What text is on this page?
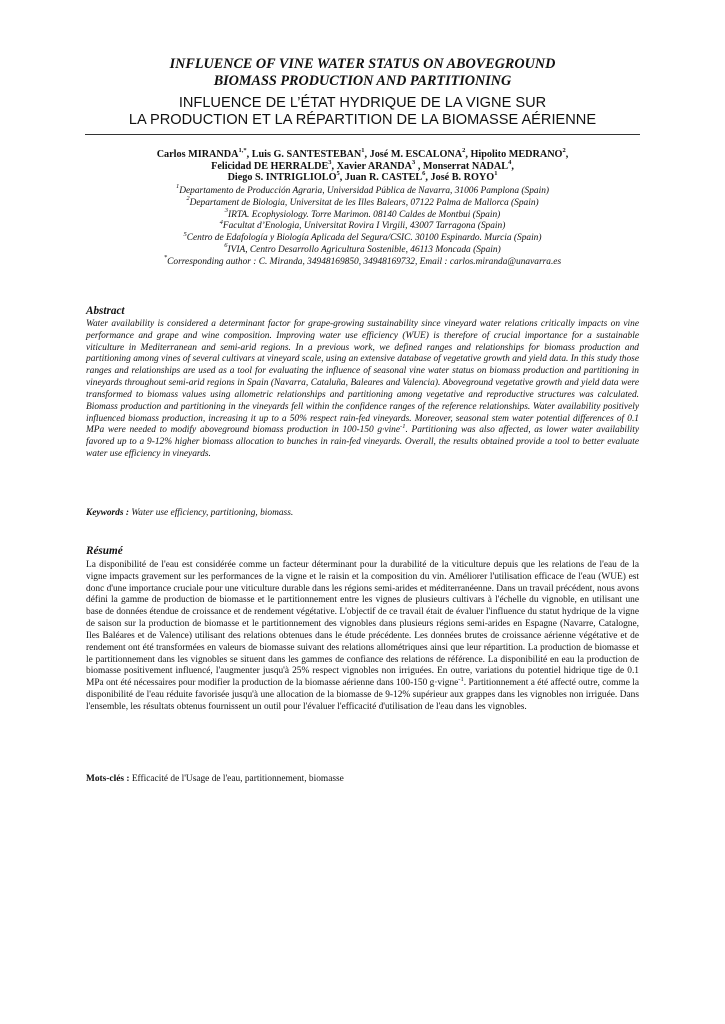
INFLUENCE OF VINE WATER STATUS ON ABOVEGROUND
BIOMASS PRODUCTION AND PARTITIONING
INFLUENCE DE L’ÉTAT HYDRIQUE DE LA VIGNE SUR
LA PRODUCTION ET LA RÉPARTITION DE LA BIOMASSE AÉRIENNE
Carlos $MIRANDA^{1,*}$, Luis G. SANTESTEBAN$^1$, José M. ESCALONA$^2$, Hipolito MEDRANO$^2$,
Felicidad DE HERRALDE$^3$, Xavier ARANDA$^3$ , Monserrat NADAL$^4$,
Diego S. INTRIGLIOLO$^5$, Juan R. CASTEL$^6$, José B. ROYO$^1$
$^1$Departamento de Producción Agraria, Universidad Pública de Navarra, 31006 Pamplona (Spain)
$^2$Departament de Biologia, Universitat de les Illes Balears, 07122 Palma de Mallorca (Spain)
$^3$IRTA. Ecophysiology. Torre Marimon. 08140 Caldes de Montbui (Spain)
$^4$Facultat d’Enologia, Universitat Rovira I Virgili, 43007 Tarragona (Spain)
$^5$Centro de Edafología y Biología Aplicada del Segura/CSIC. 30100 Espinardo. Murcia (Spain)
$^6$IVIA, Centro Desarrollo Agricultura Sostenible, 46113 Moncada (Spain)
*Corresponding author : C. Miranda, 34948169850, 34948169732, Email : carlos.miranda@unavarra.es
Abstract
Water availability is considered a determinant factor for grape-growing sustainability since vineyard water relations critically impacts on vine performance and grape and wine composition. Improving water use efficiency (WUE) is therefore of crucial importance for a sustainable viticulture in Mediterranean and semi-arid regions. In a previous work, we defined ranges and relationships for biomass production and partitioning among vines of several cultivars at vineyard scale, using an extensive database of vegetative growth and yield data. In this study those ranges and relationships are used as a tool for evaluating the influence of seasonal vine water status on biomass production and partitioning in vineyards throughout semi-arid regions in Spain (Navarra, Cataluña, Baleares and Valencia). Aboveground vegetative growth and yield data were transformed to biomass values using allometric relationships and partitioning among vegetative and reproductive structures was calculated. Biomass production and partitioning in the vineyards fell within the confidence ranges of the reference relationships. Water availability positively influenced biomass production, increasing it up to a 50% respect rain-fed vineyards. Moreover, seasonal stem water potential differences of 0.1 MPa were needed to modify aboveground biomass production in 100-150 g·vine$^{-1}$. Partitioning was also affected, as lower water availability favored up to a 9-12% higher biomass allocation to bunches in rain-fed vineyards. Overall, the results obtained provide a tool to better evaluate water use efficiency in vineyards.
Keywords : Water use efficiency, partitioning, biomass.
Résumé
La disponibilité de l'eau est considérée comme un facteur déterminant pour la durabilité de la viticulture depuis que les relations de l'eau de la vigne impacts gravement sur les performances de la vigne et le raisin et la composition du vin. Améliorer l'utilisation efficace de l'eau (WUE) est donc d'une importance cruciale pour une viticulture durable dans les régions semi-arides et méditerranéenne. Dans un travail précédent, nous avons défini la gamme de production de biomasse et le partitionnement entre les vignes de plusieurs cultivars à l'échelle du vignoble, en utilisant une base de données étendue de croissance et de rendement végétative. L'objectif de ce travail était de évaluer l'influence du statut hydrique de la vigne de saison sur la production de biomasse et le partitionnement des vignobles dans plusieurs régions semi-arides en Espagne (Navarre, Catalogne, Iles Baléares et de Valence) utilisant des relations obtenues dans le étude précédente. Les données brutes de croissance aérienne végétative et de rendement ont été transformées en valeurs de biomasse suivant des relations allométriques ainsi que leur répartition. La production de biomasse et le partitionnement dans les vignobles se situent dans les gammes de confiance des relations de référence. La disponibilité en eau la production de biomasse positivement influencé, l'augmenter jusqu'à 25% respect vignobles non irriguées. En outre, variations du potentiel hidrique tige de 0.1 MPa ont été nécessaires pour modifier la production de la biomasse aérienne dans 100-150 g·vigne$^{-1}$. Partitionnement a été affecté outre, comme la disponibilité de l'eau réduite favorisée jusqu'à une allocation de la biomasse de 9-12% supérieur aux grappes dans les vignobles non irriguée. Dans l'ensemble, les résultats obtenus fournissent un outil pour l'évaluer l'efficacité d'utilisation de l'eau dans les vignobles.
Mots-clés : Efficacité de l'Usage de l'eau, partitionnement, biomasse
